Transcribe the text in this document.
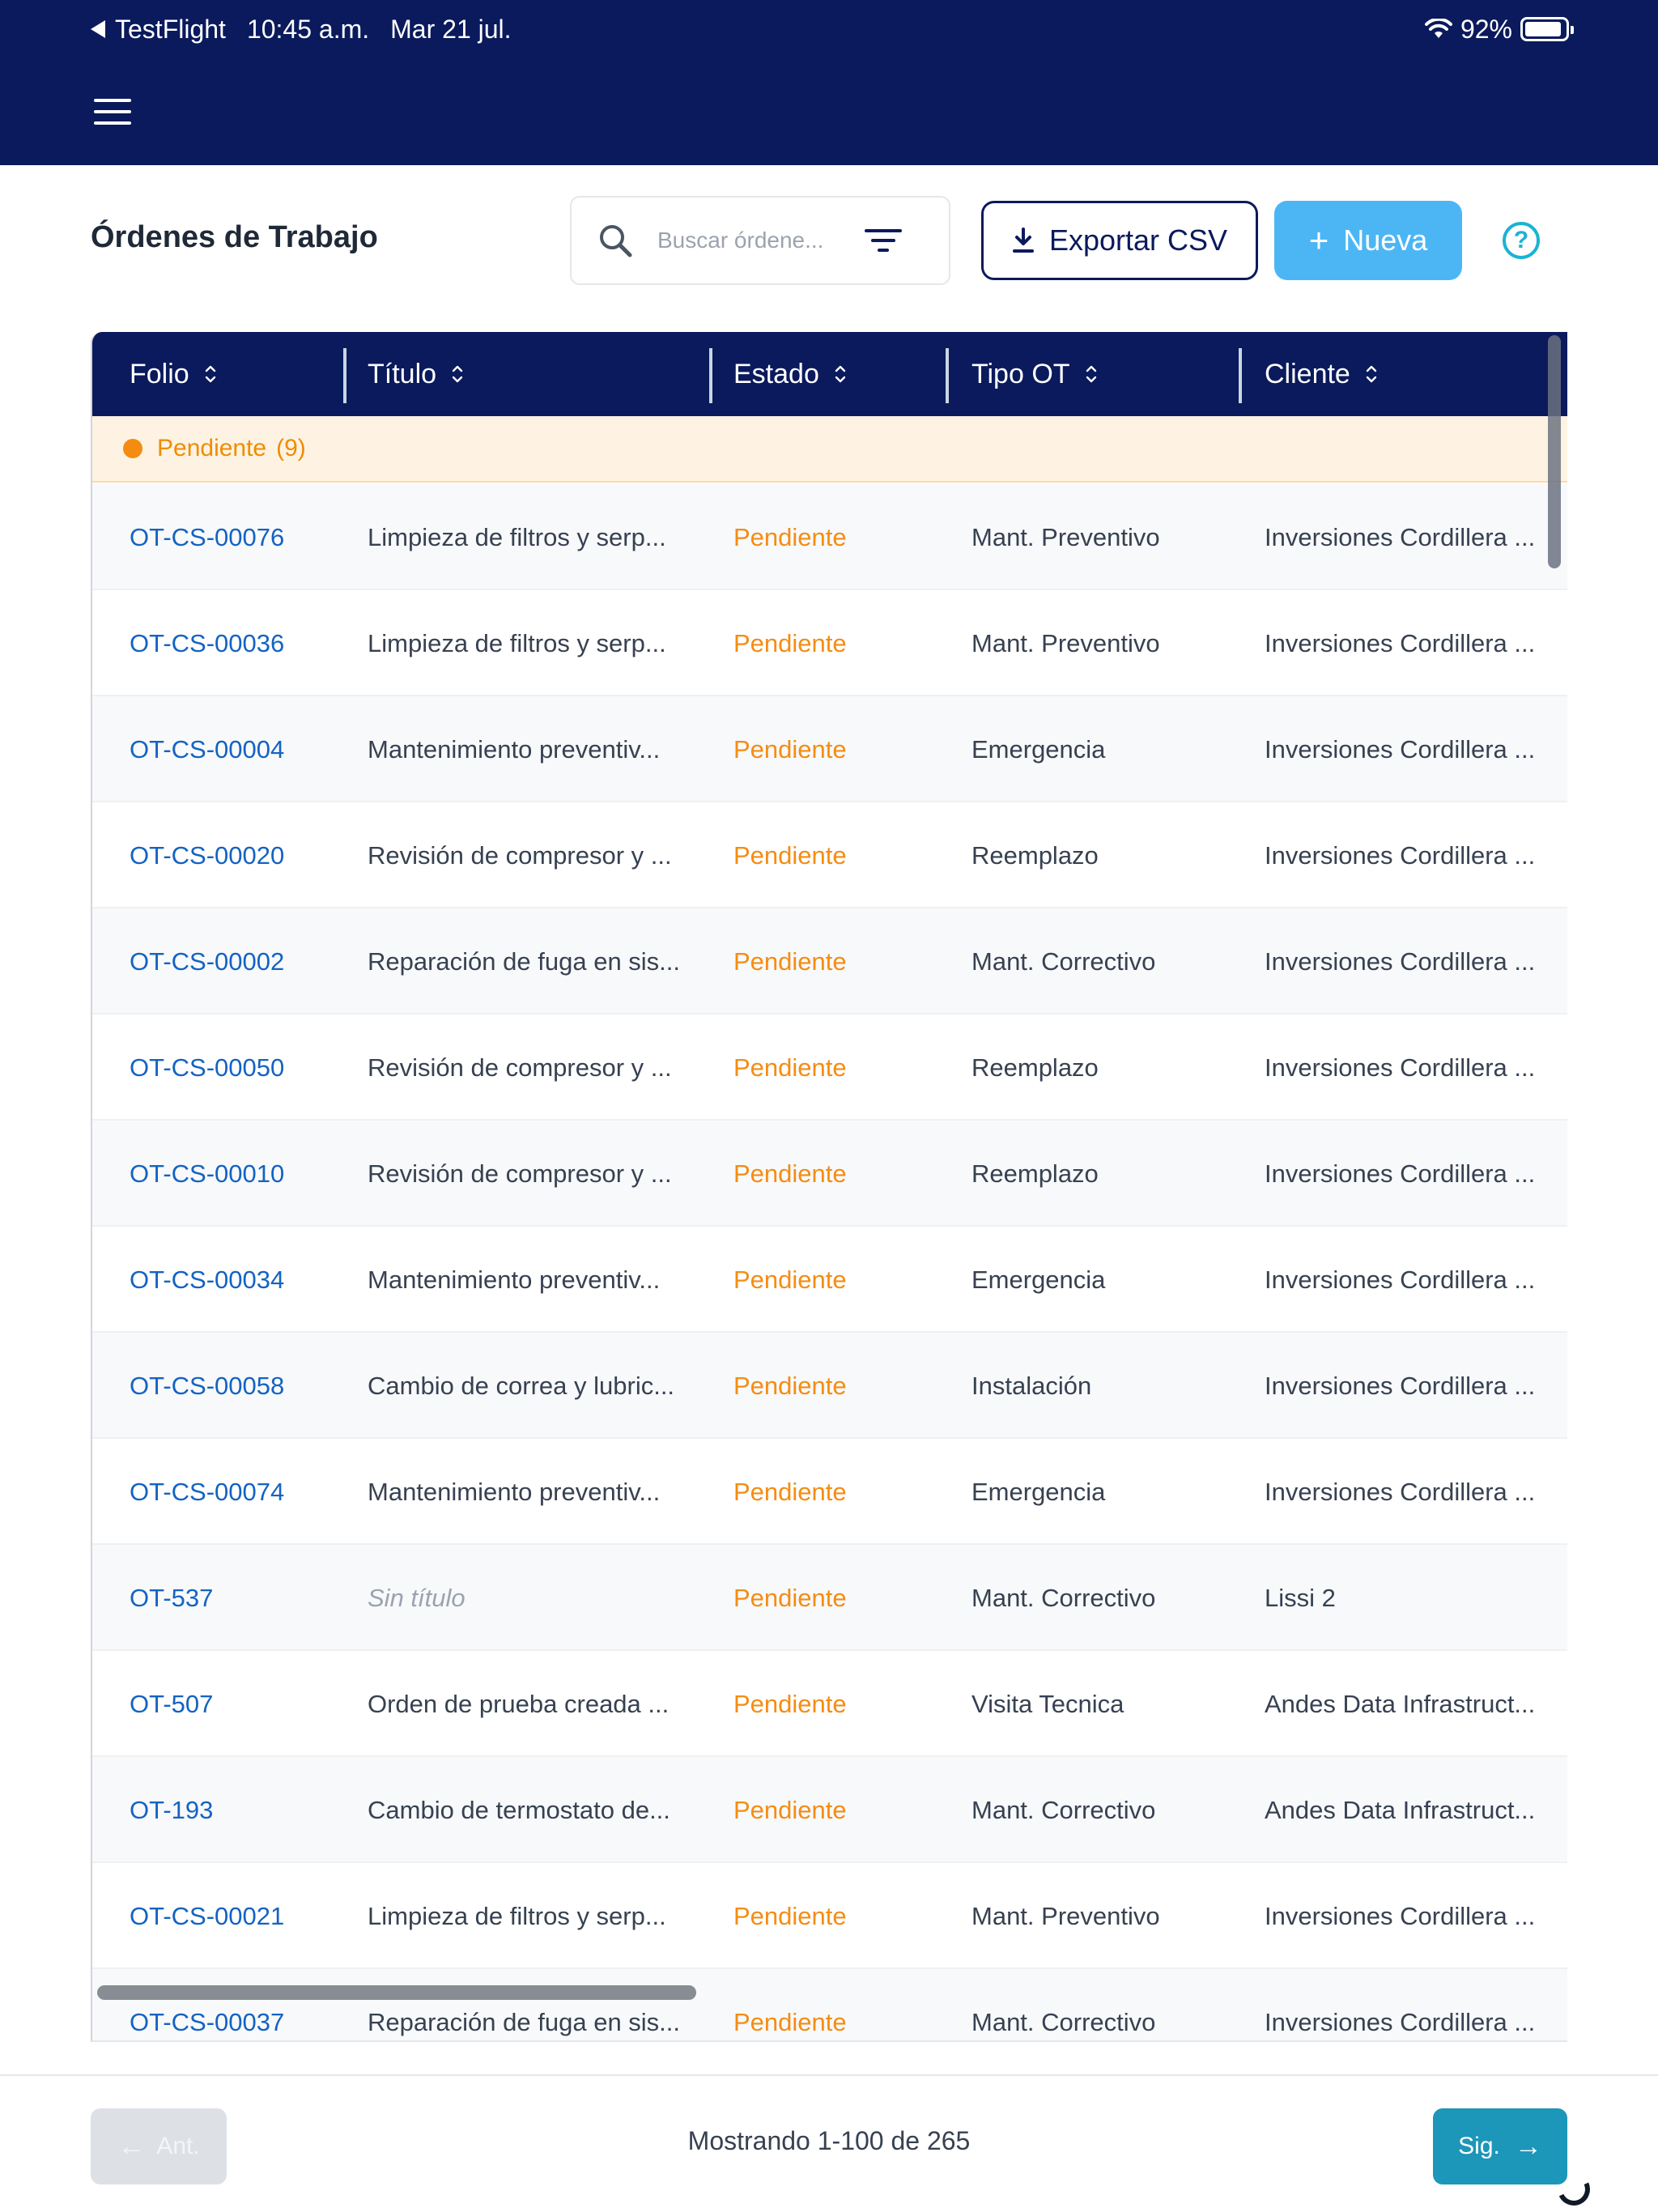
TestFlight 10:45 a.m. Mar 21 jul.	92%
Órdenes de Trabajo
Buscar órdene...	Exportar CSV + Nueva	?
Folio	Título	Estado	Tipo OT	Cliente
Pendiente (9)
OT-CS-00076	Limpieza de filtros y serp...	Pendiente	Mant. Preventivo	Inversiones Cordillera ...
OT-CS-00036	Limpieza de filtros y serp...	Pendiente	Mant. Preventivo	Inversiones Cordillera ...
OT-CS-00004	Mantenimiento preventiv...	Pendiente	Emergencia	Inversiones Cordillera ...
OT-CS-00020	Revisión de compresor y ... Pendiente	Reemplazo	Inversiones Cordillera ...
OT-CS-00002	Reparación de fuga en sis... Pendiente	Mant. Correctivo	Inversiones Cordillera ...
OT-CS-00050	Revisión de compresor y ... Pendiente	Reemplazo	Inversiones Cordillera ...
OT-CS-00010	Revisión de compresor y ... Pendiente	Reemplazo	Inversiones Cordillera ...
OT-CS-00034	Mantenimiento preventiv...	Pendiente	Emergencia	Inversiones Cordillera ...
OT-CS-00058	Cambio de correa y lubric... Pendiente	Instalación	Inversiones Cordillera ...
OT-CS-00074	Mantenimiento preventiv...	Pendiente	Emergencia	Inversiones Cordillera ...
OT-537	Sin título	Pendiente	Mant. Correctivo	Lissi 2
OT-507	Orden de prueba creada ...	Pendiente	Visita Tecnica	Andes Data Infrastruct...
OT-193	Cambio de termostato de...	Pendiente	Mant. Correctivo	Andes Data Infrastruct...
OT-CS-00021	Limpieza de filtros y serp...	Pendiente	Mant. Preventivo	Inversiones Cordillera ...
OT-CS-00037	Reparación de fuga en sis... Pendiente	Mant. Correctivo	Inversiones Cordillera ...
← Ant.	Mostrando 1-100 de 265	Sig. →
